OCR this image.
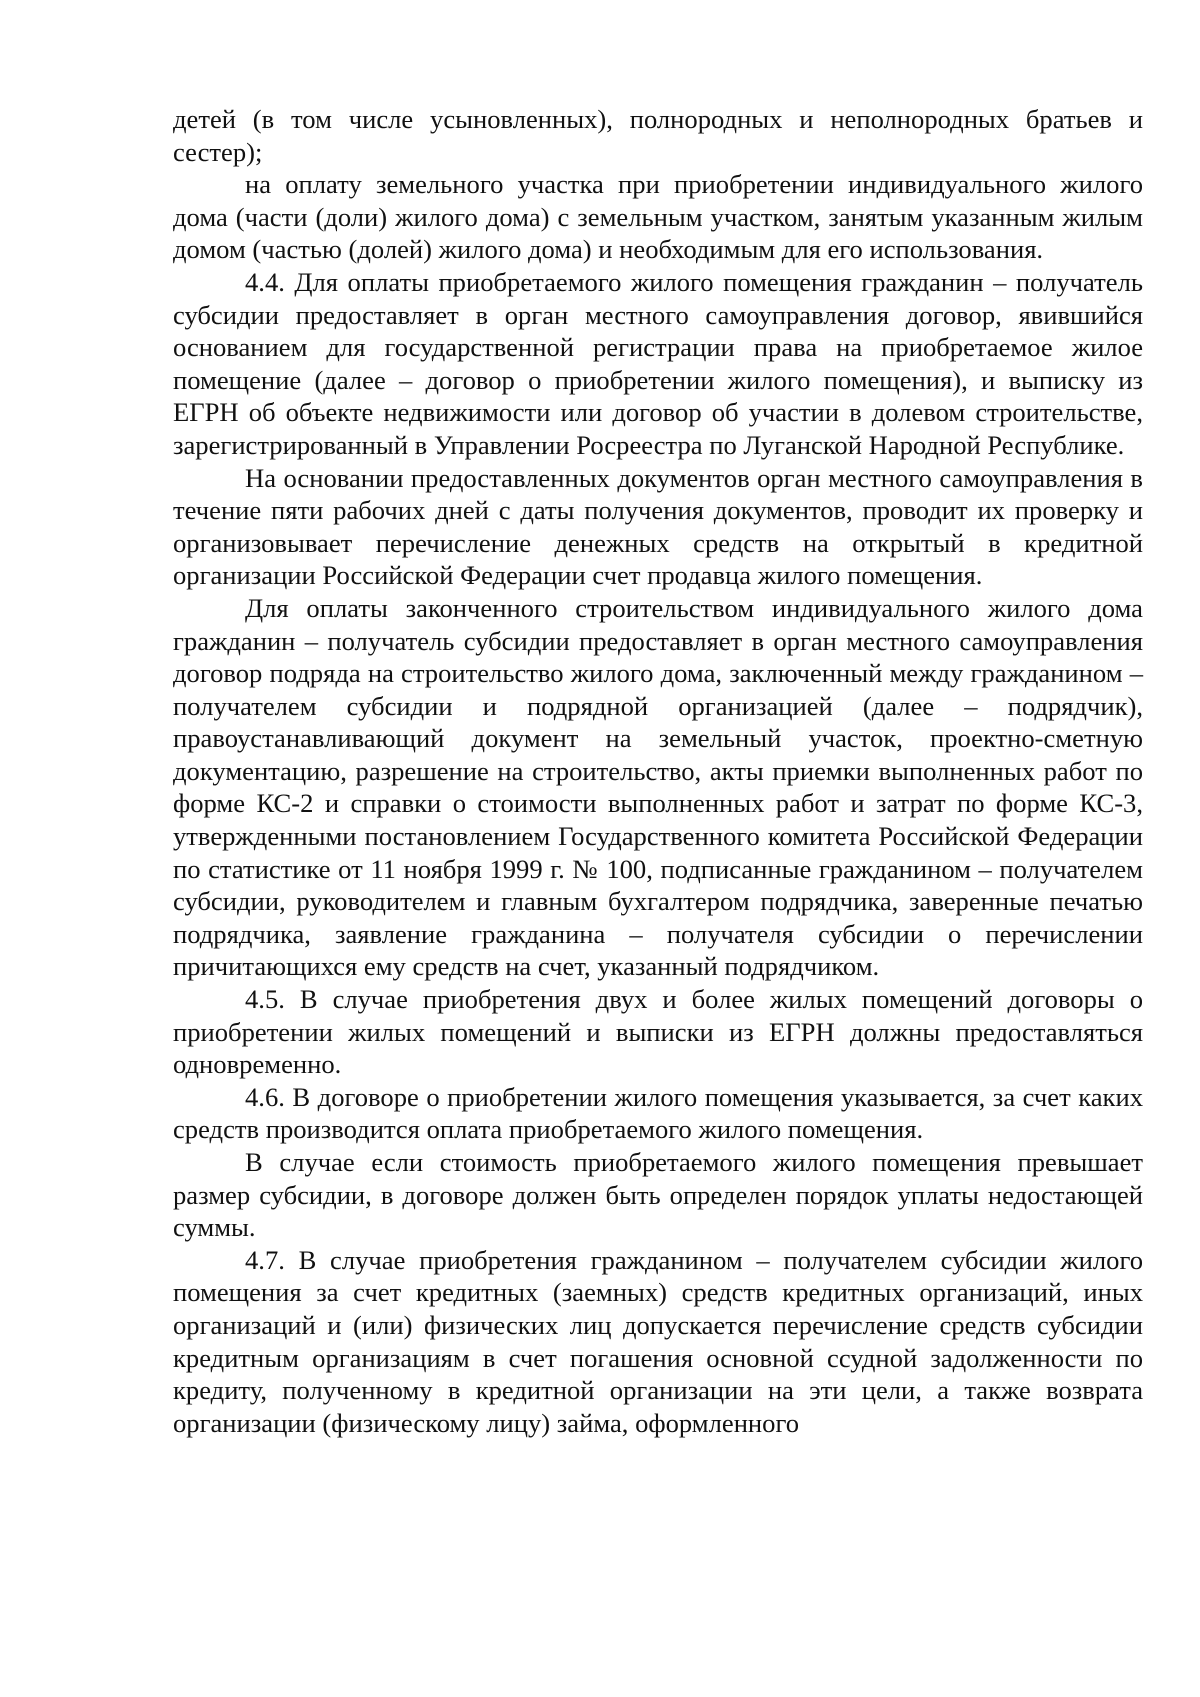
детей (в том числе усыновленных), полнородных и неполнородных братьев и сестер);

на оплату земельного участка при приобретении индивидуального жилого дома (части (доли) жилого дома) с земельным участком, занятым указанным жилым домом (частью (долей) жилого дома) и необходимым для его использования.

4.4. Для оплаты приобретаемого жилого помещения гражданин – получатель субсидии предоставляет в орган местного самоуправления договор, явившийся основанием для государственной регистрации права на приобретаемое жилое помещение (далее – договор о приобретении жилого помещения), и выписку из ЕГРН об объекте недвижимости или договор об участии в долевом строительстве, зарегистрированный в Управлении Росреестра по Луганской Народной Республике.

На основании предоставленных документов орган местного самоуправления в течение пяти рабочих дней с даты получения документов, проводит их проверку и организовывает перечисление денежных средств на открытый в кредитной организации Российской Федерации счет продавца жилого помещения.

Для оплаты законченного строительством индивидуального жилого дома гражданин – получатель субсидии предоставляет в орган местного самоуправления договор подряда на строительство жилого дома, заключенный между гражданином – получателем субсидии и подрядной организацией (далее – подрядчик), правоустанавливающий документ на земельный участок, проектно-сметную документацию, разрешение на строительство, акты приемки выполненных работ по форме КС-2 и справки о стоимости выполненных работ и затрат по форме КС-3, утвержденными постановлением Государственного комитета Российской Федерации по статистике от 11 ноября 1999 г. № 100, подписанные гражданином – получателем субсидии, руководителем и главным бухгалтером подрядчика, заверенные печатью подрядчика, заявление гражданина – получателя субсидии о перечислении причитающихся ему средств на счет, указанный подрядчиком.

4.5. В случае приобретения двух и более жилых помещений договоры о приобретении жилых помещений и выписки из ЕГРН должны предоставляться одновременно.

4.6. В договоре о приобретении жилого помещения указывается, за счет каких средств производится оплата приобретаемого жилого помещения.

В случае если стоимость приобретаемого жилого помещения превышает размер субсидии, в договоре должен быть определен порядок уплаты недостающей суммы.

4.7. В случае приобретения гражданином – получателем субсидии жилого помещения за счет кредитных (заемных) средств кредитных организаций, иных организаций и (или) физических лиц допускается перечисление средств субсидии кредитным организациям в счет погашения основной ссудной задолженности по кредиту, полученному в кредитной организации на эти цели, а также возврата организации (физическому лицу) займа, оформленного
